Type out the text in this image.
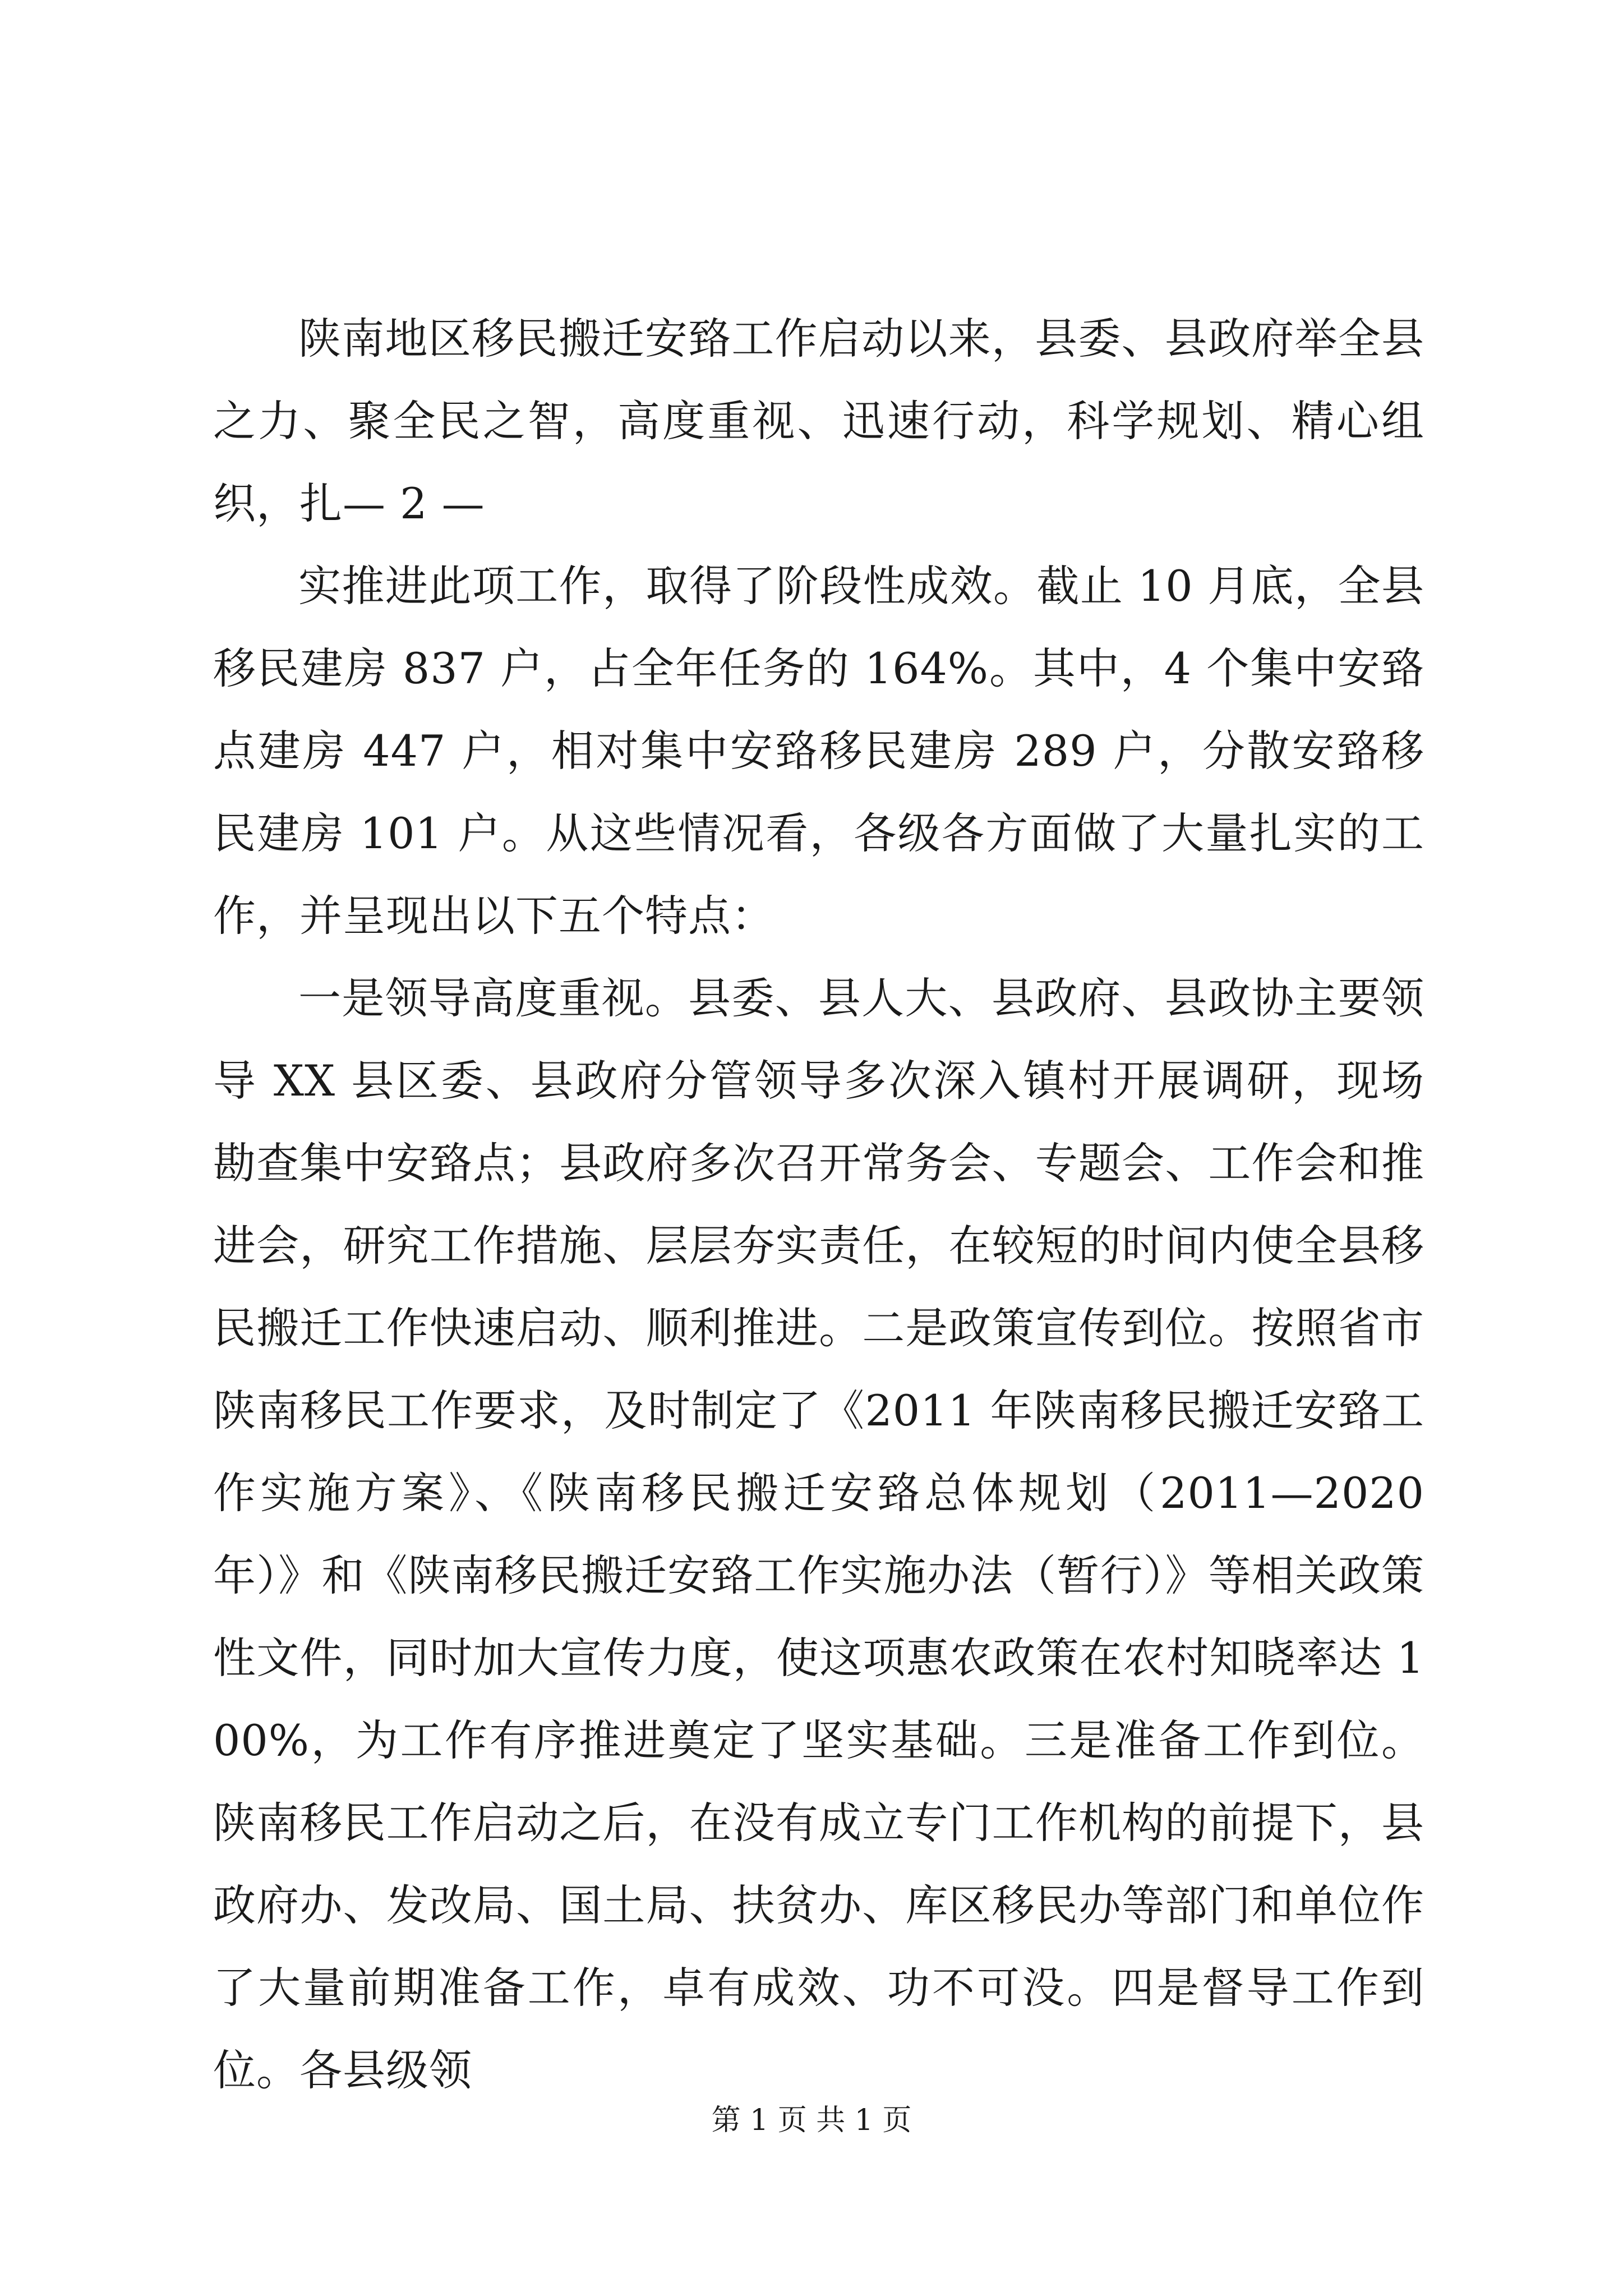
陕南地区移民搬迁安臵工作启动以来，县委、县政府举全县之力、聚全民之智，高度重视、迅速行动，科学规划、精心组织，扎— 2 —

实推进此项工作，取得了阶段性成效。截止 10 月底，全县移民建房 837 户，占全年任务的 164%。其中，4 个集中安臵点建房 447 户，相对集中安臵移民建房 289 户，分散安臵移民建房 101 户。从这些情况看，各级各方面做了大量扎实的工作，并呈现出以下五个特点：

一是领导高度重视。县委、县人大、县政府、县政协主要领导 XX 县区委、县政府分管领导多次深入镇村开展调研，现场勘查集中安臵点；县政府多次召开常务会、专题会、工作会和推进会，研究工作措施、层层夯实责任，在较短的时间内使全县移民搬迁工作快速启动、顺利推进。二是政策宣传到位。按照省市陕南移民工作要求，及时制定了《2011 年陕南移民搬迁安臵工作实施方案》、《陕南移民搬迁安臵总体规划（2011—2020 年）》和《陕南移民搬迁安臵工作实施办法（暂行）》等相关政策性文件，同时加大宣传力度，使这项惠农政策在农村知晓率达 100%，为工作有序推进奠定了坚实基础。三是准备工作到位。陕南移民工作启动之后，在没有成立专门工作机构的前提下，县政府办、发改局、国土局、扶贫办、库区移民办等部门和单位作了大量前期准备工作，卓有成效、功不可没。四是督导工作到位。各县级领

第 1 页 共 1 页
